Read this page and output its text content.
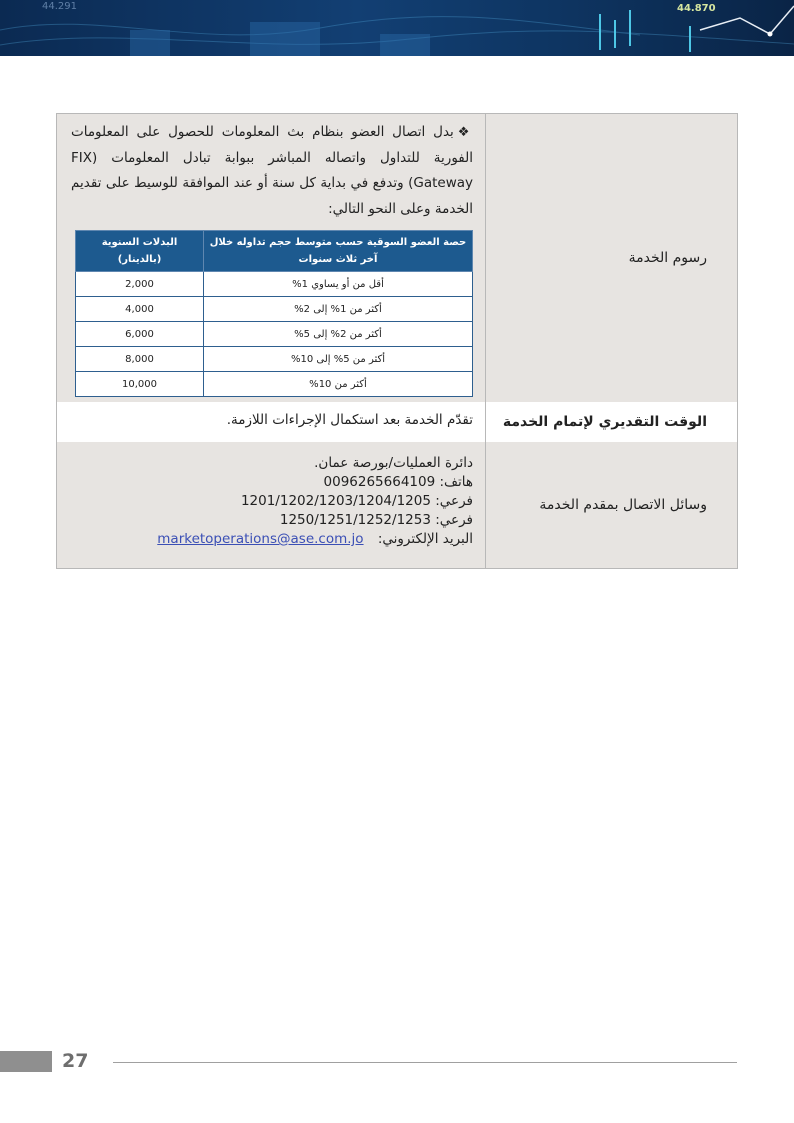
44.291	44.870
رسوم الخدمة

❖بدل اتصال العضو بنظام بث المعلومات للحصول على المعلومات الفورية للتداول واتصاله المباشر ببوابة تبادل المعلومات (FIX Gateway) وتدفع في بداية كل سنة أو عند الموافقة للوسيط على تقديم الخدمة وعلى النحو التالي:

حصة العضو السوقية حسب متوسط حجم تداوله خلال آخر ثلاث سنوات	البدلات السنوية (بالدينار)
أقل من أو يساوي 1%	2,000
أكثر من 1% إلى 2%	4,000
أكثر من 2% إلى 5%	6,000
أكثر من 5% إلى 10%	8,000
أكثر من 10%	10,000
الوقت التقديري لإتمام الخدمة
تقدّم الخدمة بعد استكمال الإجراءات اللازمة.
وسائل الاتصال بمقدم الخدمة
دائرة العمليات/بورصة عمان.
هاتف: 0096265664109
فرعي: 1201/1202/1203/1204/1205
فرعي: 1250/1251/1252/1253
البريد الإلكتروني: marketoperations@ase.com.jo
27
